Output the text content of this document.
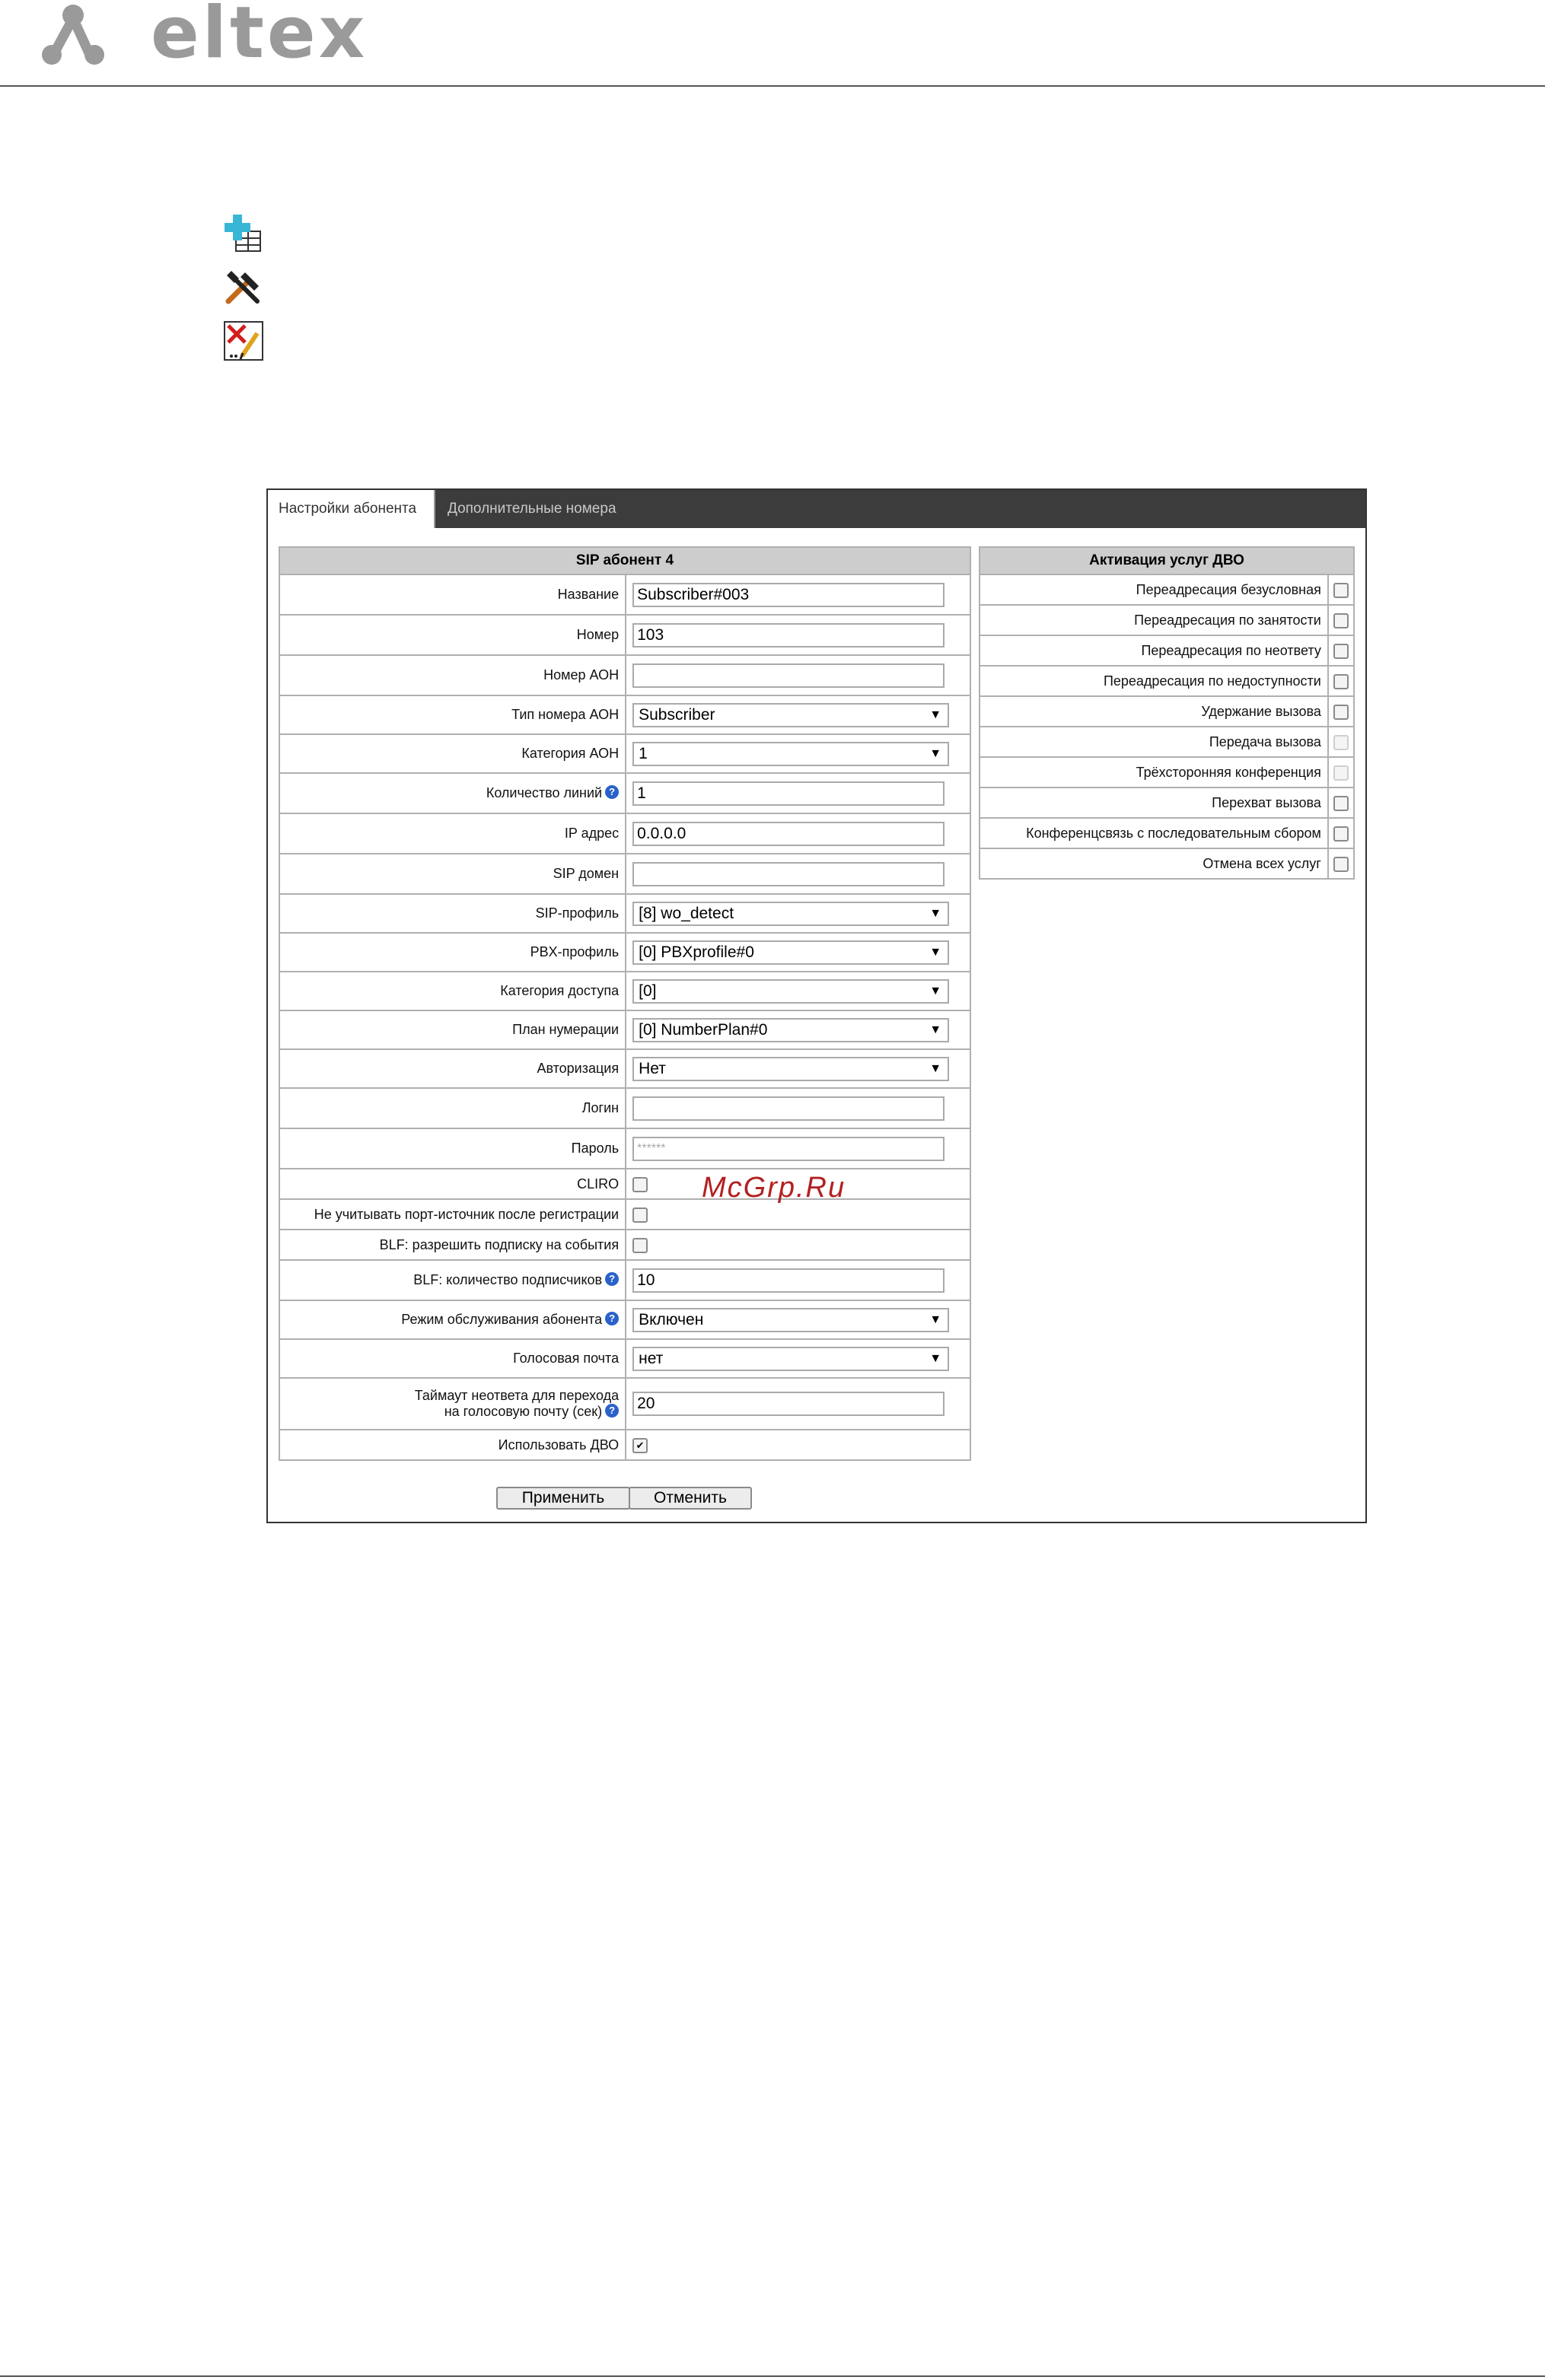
eltex
Настройки абонента	Дополнительные номера
SIP абонент 4	
Название	Subscriber#003

Номер	103

Номер АОН	

Тип номера АОН	Subscriber ▼

Категория АОН	1 ▼

Количество линий ?	1

IP адрес	0.0.0.0

SIP домен	

SIP-профиль	[8] wo_detect ▼

PBX-профиль	[0] PBXprofile#0 ▼

Категория доступа	[0] ▼

План нумерации	[0] NumberPlan#0 ▼

Авторизация	Нет ▼

Логин	

Пароль	******

CLIRO	
Не учитывать порт-источник после регистрации	
BLF: разрешить подписку на события	
BLF: количество подписчиков ?	10

Режим обслуживания абонента ?	Включен ▼

Голосовая почта	нет ▼

Таймаут неответа для перехода
на голосовую почту (сек) ?	20

Использовать ДВО	✔
Активация услуг ДВО	
Переадресация безусловная	
Переадресация по занятости	
Переадресация по неответу	
Переадресация по недоступности	
Удержание вызова	
Передача вызова	
Трёхсторонняя конференция	
Перехват вызова	
Конференцсвязь с последовательным сбором	
Отмена всех услуг	
Применить	Отменить
McGrp.Ru
